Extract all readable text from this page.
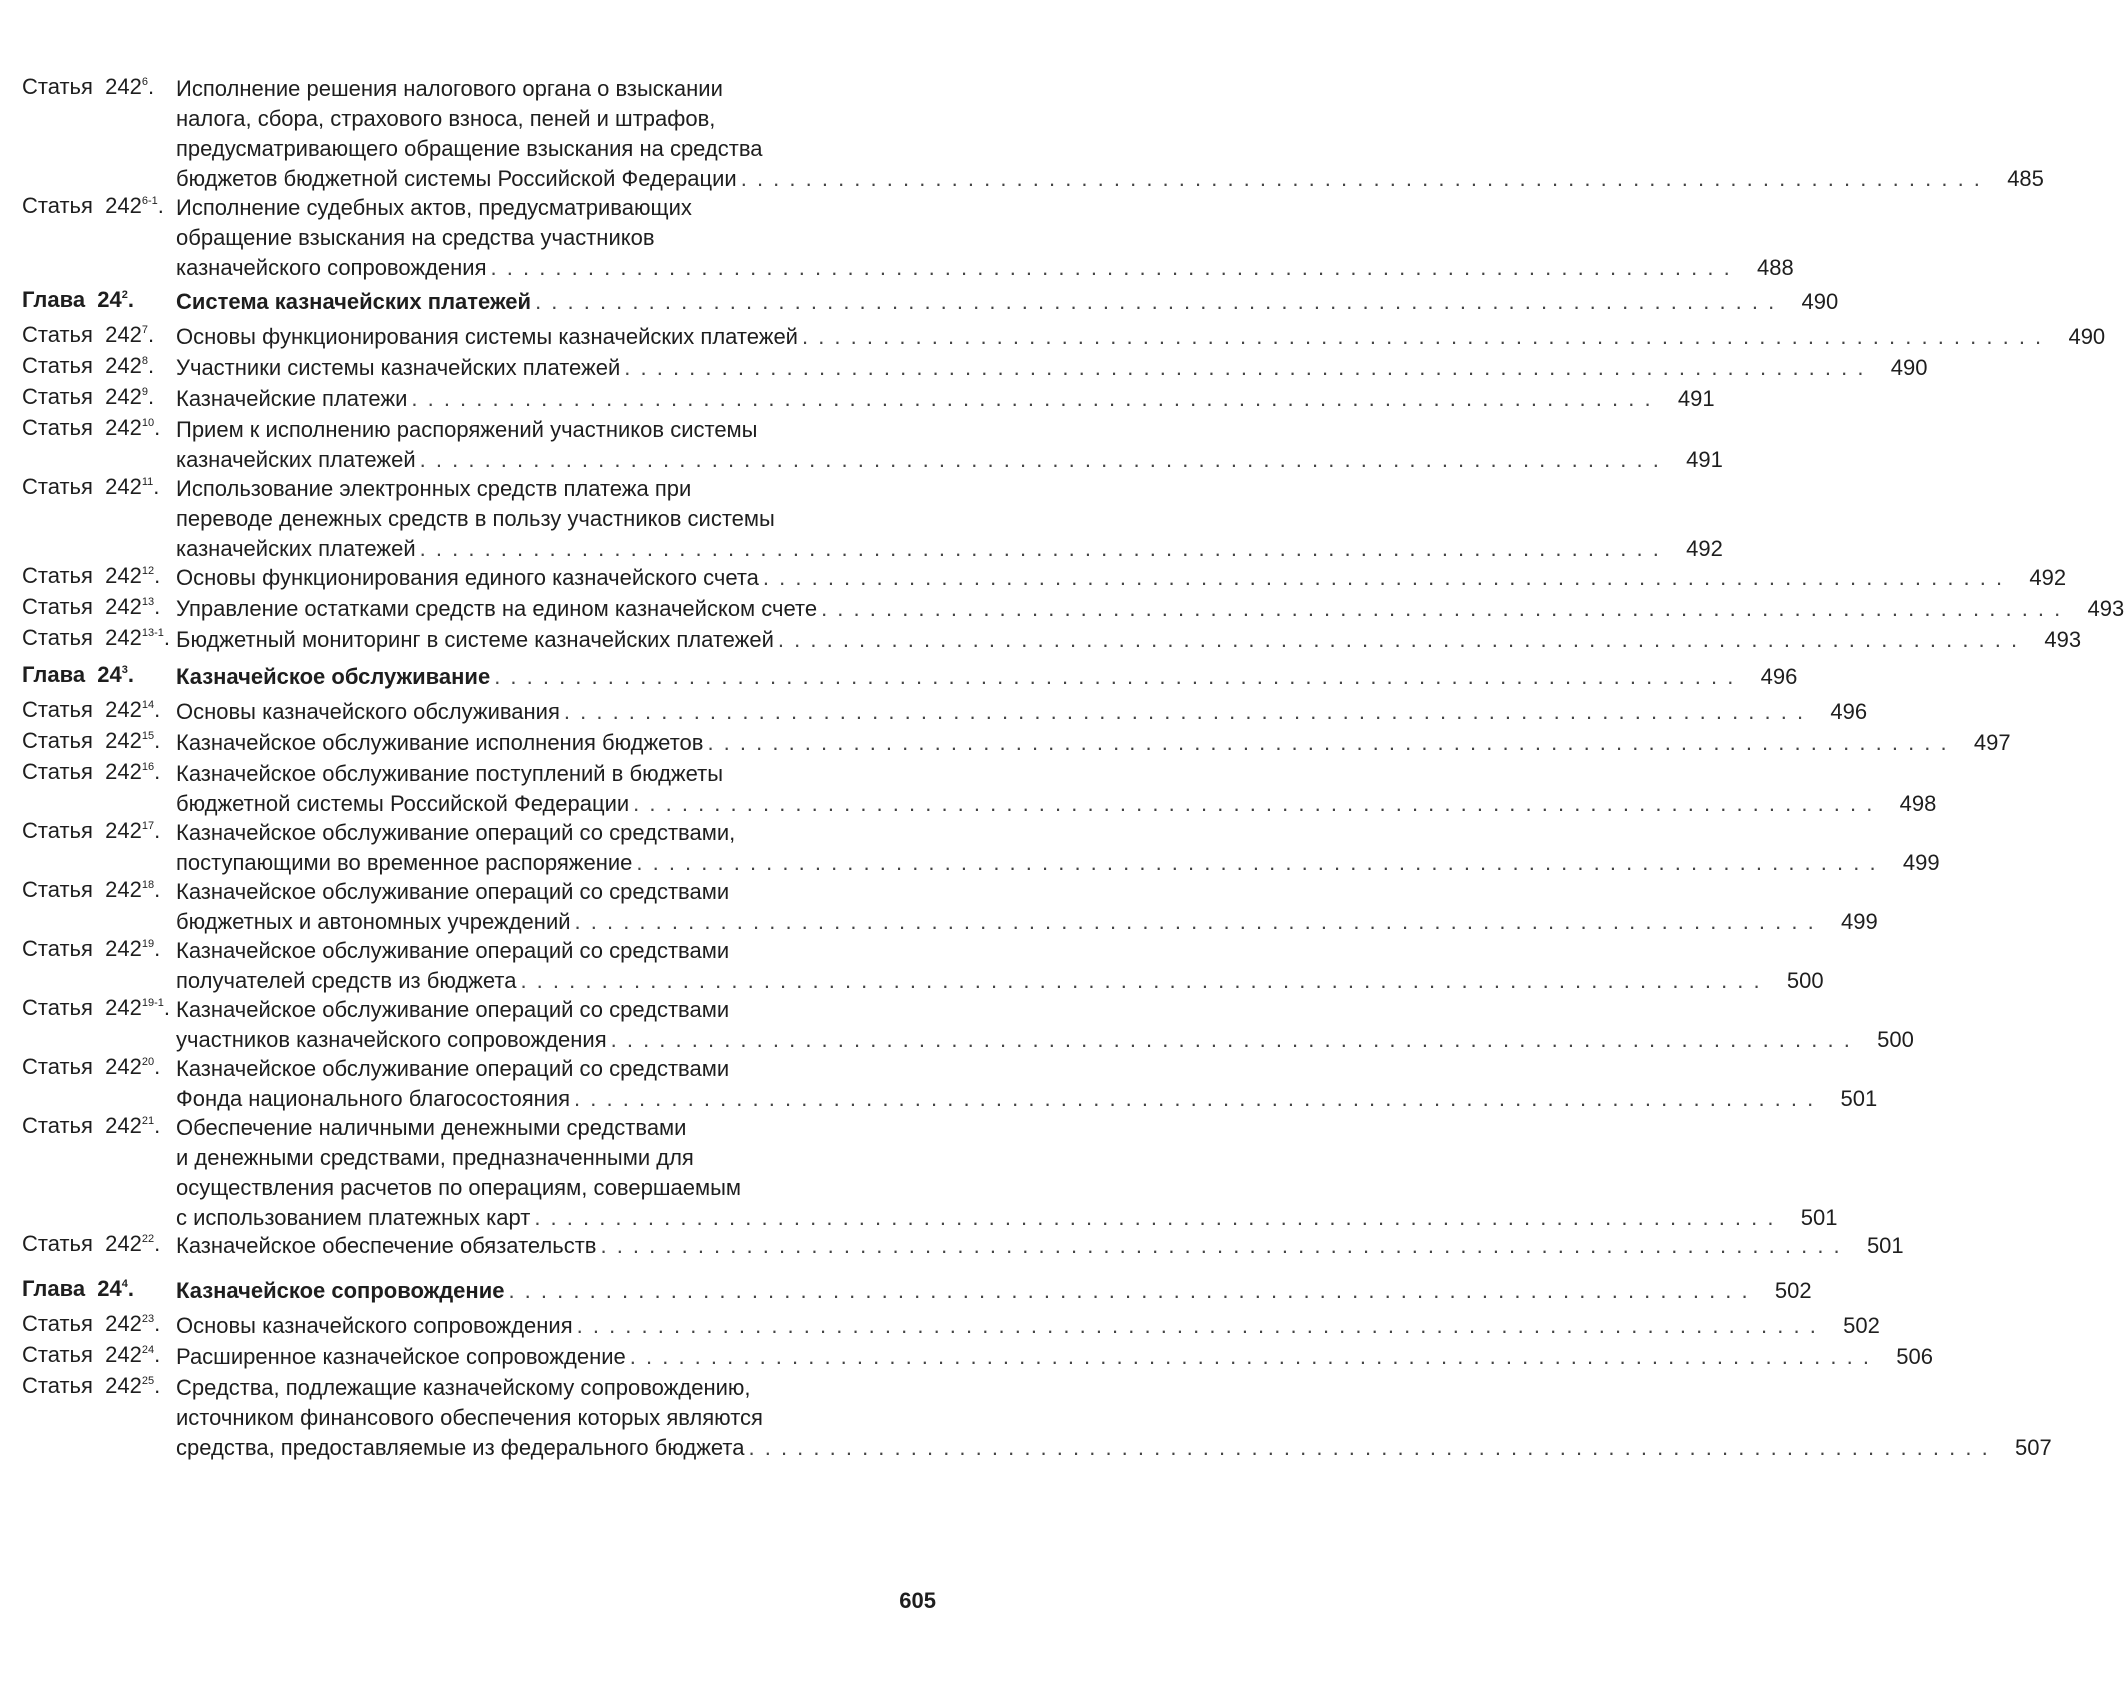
Статья $242^6$. Исполнение решения налогового органа о взыскании
налога, сбора, страхового взноса, пеней и штрафов,
предусматривающего обращение взыскания на средства
бюджетов бюджетной системы Российской Федерации . . . . . . . . . . . . . . . . . . . . . . . . . . . . . . . . . . . . . . . . . . . . . . . . . . . . . . . . . . . . . . . . . . . . . . . . . . . . .	485
Статья 242$^{6-1}$. Исполнение судебных актов, предусматривающих
обращение взыскания на средства участников
казначейского сопровождения . . . . . . . . . . . . . . . . . . . . . . . . . . . . . . . . . . . . . . . . . . . . . . . . . . . . . . . . . . . . . . . . . . . . . . . . . . . . .	488
Глава $24^2$. Система казначейских платежей . . . . . . . . . . . . . . . . . . . . . . . . . . . . . . . . . . . . . . . . . . . . . . . . . . . . . . . . . . . . . . . . . . . . . . . . . . . . .	490
Статья $242^7$. Основы функционирования системы казначейских платежей . . . . . . . . . . . . . . . . . . . . . . . . . . . . . . . . . . . . . . . . . . . . . . . . . . . . . . . . . . . . . . . . . . . . . . . . . . . . .	490
Статья $242^8$. Участники системы казначейских платежей . . . . . . . . . . . . . . . . . . . . . . . . . . . . . . . . . . . . . . . . . . . . . . . . . . . . . . . . . . . . . . . . . . . . . . . . . . . . .	490
Статья $242^9$. Казначейские платежи . . . . . . . . . . . . . . . . . . . . . . . . . . . . . . . . . . . . . . . . . . . . . . . . . . . . . . . . . . . . . . . . . . . . . . . . . . . . .	491
Статья $242^{10}$. Прием к исполнению распоряжений участников системы
казначейских платежей . . . . . . . . . . . . . . . . . . . . . . . . . . . . . . . . . . . . . . . . . . . . . . . . . . . . . . . . . . . . . . . . . . . . . . . . . . . . .	491
Статья $242^{11}$. Использование электронных средств платежа при
переводе денежных средств в пользу участников системы
казначейских платежей . . . . . . . . . . . . . . . . . . . . . . . . . . . . . . . . . . . . . . . . . . . . . . . . . . . . . . . . . . . . . . . . . . . . . . . . . . . . .	492
Статья $242^{12}$. Основы функционирования единого казначейского счета . . . . . . . . . . . . . . . . . . . . . . . . . . . . . . . . . . . . . . . . . . . . . . . . . . . . . . . . . . . . . . . . . . . . . . . . . . . . .	492
Статья $242^{13}$. Управление остатками средств на едином казначейском счете . . . . . . . . . . . . . . . . . . . . . . . . . . . . . . . . . . . . . . . . . . . . . . . . . . . . . . . . . . . . . . . . . . . . . . . . . . . . .	493
Статья 242$^{13-1}$. Бюджетный мониторинг в системе казначейских платежей . . . . . . . . . . . . . . . . . . . . . . . . . . . . . . . . . . . . . . . . . . . . . . . . . . . . . . . . . . . . . . . . . . . . . . . . . . . . .	493
Глава $24^3$. Казначейское обслуживание . . . . . . . . . . . . . . . . . . . . . . . . . . . . . . . . . . . . . . . . . . . . . . . . . . . . . . . . . . . . . . . . . . . . . . . . . . . . .	496
Статья $242^{14}$. Основы казначейского обслуживания . . . . . . . . . . . . . . . . . . . . . . . . . . . . . . . . . . . . . . . . . . . . . . . . . . . . . . . . . . . . . . . . . . . . . . . . . . . . .	496
Статья $242^{15}$. Казначейское обслуживание исполнения бюджетов . . . . . . . . . . . . . . . . . . . . . . . . . . . . . . . . . . . . . . . . . . . . . . . . . . . . . . . . . . . . . . . . . . . . . . . . . . . . .	497
Статья $242^{16}$. Казначейское обслуживание поступлений в бюджеты
бюджетной системы Российской Федерации . . . . . . . . . . . . . . . . . . . . . . . . . . . . . . . . . . . . . . . . . . . . . . . . . . . . . . . . . . . . . . . . . . . . . . . . . . . . .	498
Статья $242^{17}$. Казначейское обслуживание операций со средствами,
поступающими во временное распоряжение . . . . . . . . . . . . . . . . . . . . . . . . . . . . . . . . . . . . . . . . . . . . . . . . . . . . . . . . . . . . . . . . . . . . . . . . . . . . .	499
Статья $242^{18}$. Казначейское обслуживание операций со средствами
бюджетных и автономных учреждений . . . . . . . . . . . . . . . . . . . . . . . . . . . . . . . . . . . . . . . . . . . . . . . . . . . . . . . . . . . . . . . . . . . . . . . . . . . . .	499
Статья $242^{19}$. Казначейское обслуживание операций со средствами
получателей средств из бюджета . . . . . . . . . . . . . . . . . . . . . . . . . . . . . . . . . . . . . . . . . . . . . . . . . . . . . . . . . . . . . . . . . . . . . . . . . . . . .	500
Статья 242$^{19-1}$. Казначейское обслуживание операций со средствами
участников казначейского сопровождения . . . . . . . . . . . . . . . . . . . . . . . . . . . . . . . . . . . . . . . . . . . . . . . . . . . . . . . . . . . . . . . . . . . . . . . . . . . . .	500
Статья $242^{20}$. Казначейское обслуживание операций со средствами
Фонда национального благосостояния . . . . . . . . . . . . . . . . . . . . . . . . . . . . . . . . . . . . . . . . . . . . . . . . . . . . . . . . . . . . . . . . . . . . . . . . . . . . .	501
Статья $242^{21}$. Обеспечение наличными денежными средствами
и денежными средствами, предназначенными для
осуществления расчетов по операциям, совершаемым
с использованием платежных карт . . . . . . . . . . . . . . . . . . . . . . . . . . . . . . . . . . . . . . . . . . . . . . . . . . . . . . . . . . . . . . . . . . . . . . . . . . . . .	501
Статья $242^{22}$. Казначейское обеспечение обязательств . . . . . . . . . . . . . . . . . . . . . . . . . . . . . . . . . . . . . . . . . . . . . . . . . . . . . . . . . . . . . . . . . . . . . . . . . . . . .	501
Глава $24^4$. Казначейское сопровождение . . . . . . . . . . . . . . . . . . . . . . . . . . . . . . . . . . . . . . . . . . . . . . . . . . . . . . . . . . . . . . . . . . . . . . . . . . . . .	502
Статья $242^{23}$. Основы казначейского сопровождения . . . . . . . . . . . . . . . . . . . . . . . . . . . . . . . . . . . . . . . . . . . . . . . . . . . . . . . . . . . . . . . . . . . . . . . . . . . . .	502
Статья $242^{24}$. Расширенное казначейское сопровождение . . . . . . . . . . . . . . . . . . . . . . . . . . . . . . . . . . . . . . . . . . . . . . . . . . . . . . . . . . . . . . . . . . . . . . . . . . . . .	506
Статья $242^{25}$. Средства, подлежащие казначейскому сопровождению,
источником финансового обеспечения которых являются
средства, предоставляемые из федерального бюджета . . . . . . . . . . . . . . . . . . . . . . . . . . . . . . . . . . . . . . . . . . . . . . . . . . . . . . . . . . . . . . . . . . . . . . . . . . . . .	507
605
